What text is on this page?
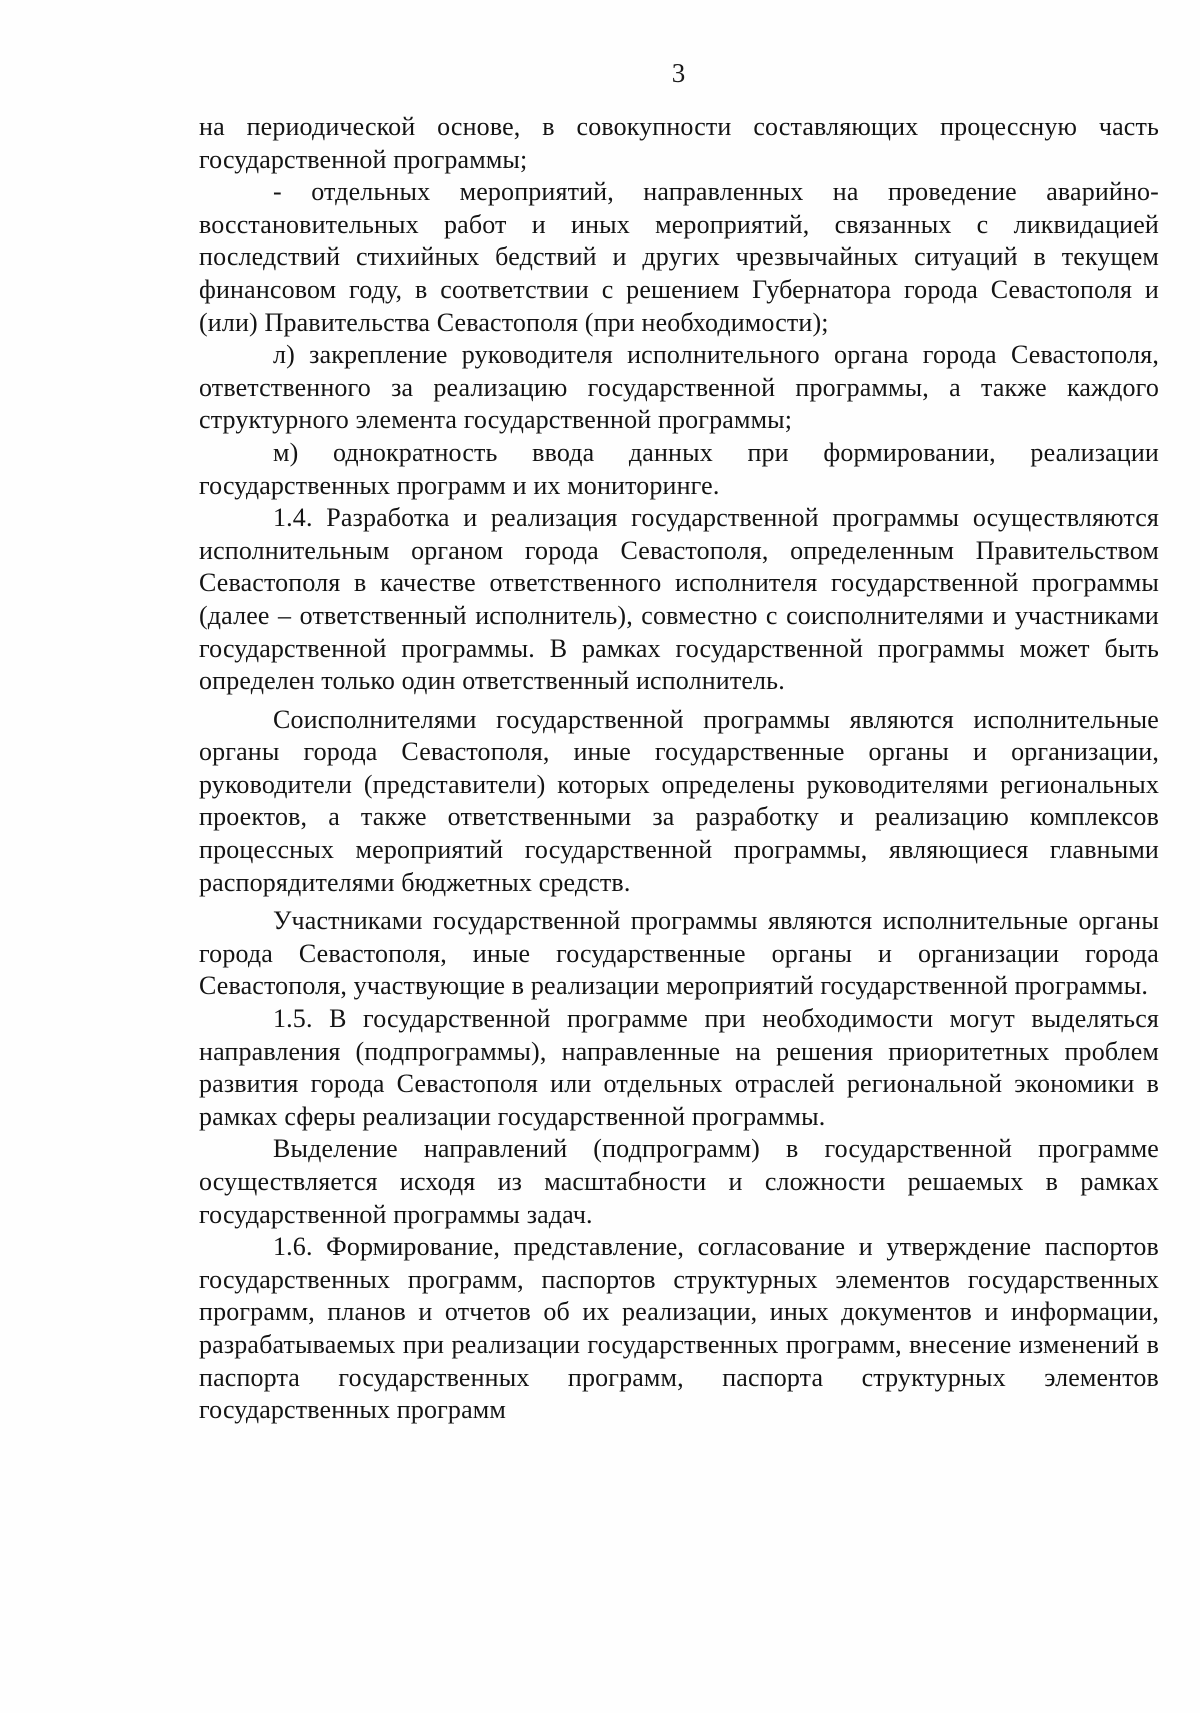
3

на периодической основе, в совокупности составляющих процессную часть государственной программы;

- отдельных мероприятий, направленных на проведение аварийно-восстановительных работ и иных мероприятий, связанных с ликвидацией последствий стихийных бедствий и других чрезвычайных ситуаций в текущем финансовом году, в соответствии с решением Губернатора города Севастополя и (или) Правительства Севастополя (при необходимости);

л) закрепление руководителя исполнительного органа города Севастополя, ответственного за реализацию государственной программы, а также каждого структурного элемента государственной программы;

м) однократность ввода данных при формировании, реализации государственных программ и их мониторинге.

1.4. Разработка и реализация государственной программы осуществляются исполнительным органом города Севастополя, определенным Правительством Севастополя в качестве ответственного исполнителя государственной программы (далее – ответственный исполнитель), совместно с соисполнителями и участниками государственной программы. В рамках государственной программы может быть определен только один ответственный исполнитель.

Соисполнителями государственной программы являются исполнительные органы города Севастополя, иные государственные органы и организации, руководители (представители) которых определены руководителями региональных проектов, а также ответственными за разработку и реализацию комплексов процессных мероприятий государственной программы, являющиеся главными распорядителями бюджетных средств.

Участниками государственной программы являются исполнительные органы города Севастополя, иные государственные органы и организации города Севастополя, участвующие в реализации мероприятий государственной программы.

1.5. В государственной программе при необходимости могут выделяться направления (подпрограммы), направленные на решения приоритетных проблем развития города Севастополя или отдельных отраслей региональной экономики в рамках сферы реализации государственной программы.

Выделение направлений (подпрограмм) в государственной программе осуществляется исходя из масштабности и сложности решаемых в рамках государственной программы задач.

1.6. Формирование, представление, согласование и утверждение паспортов государственных программ, паспортов структурных элементов государственных программ, планов и отчетов об их реализации, иных документов и информации, разрабатываемых при реализации государственных программ, внесение изменений в паспорта государственных программ, паспорта структурных элементов государственных программ
